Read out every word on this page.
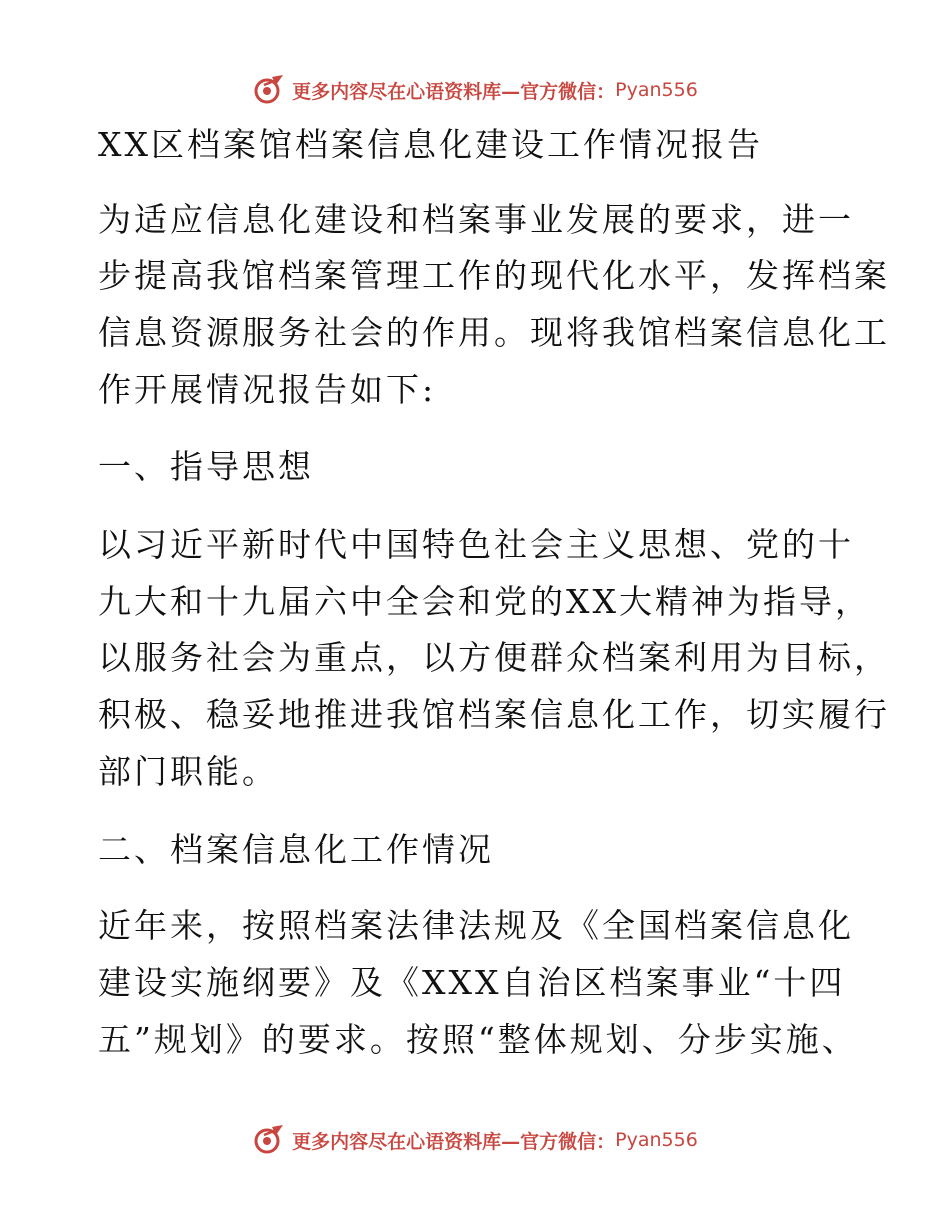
更多内容尽在心语资料库—官方微信： Pyan556
XX区档案馆档案信息化建设工作情况报告
为适应信息化建设和档案事业发展的要求，进一
步提高我馆档案管理工作的现代化水平，发挥档案
信息资源服务社会的作用。现将我馆档案信息化工
作开展情况报告如下:
一、指导思想
以习近平新时代中国特色社会主义思想、党的十
九大和十九届六中全会和党的XX大精神为指导，
以服务社会为重点，以方便群众档案利用为目标，
积极、稳妥地推进我馆档案信息化工作，切实履行
部门职能。
二、档案信息化工作情况
近年来，按照档案法律法规及《全国档案信息化
建设实施纲要》及《XXX自治区档案事业“十四
五”规划》的要求。按照“整体规划、分步实施、
更多内容尽在心语资料库—官方微信： Pyan556
